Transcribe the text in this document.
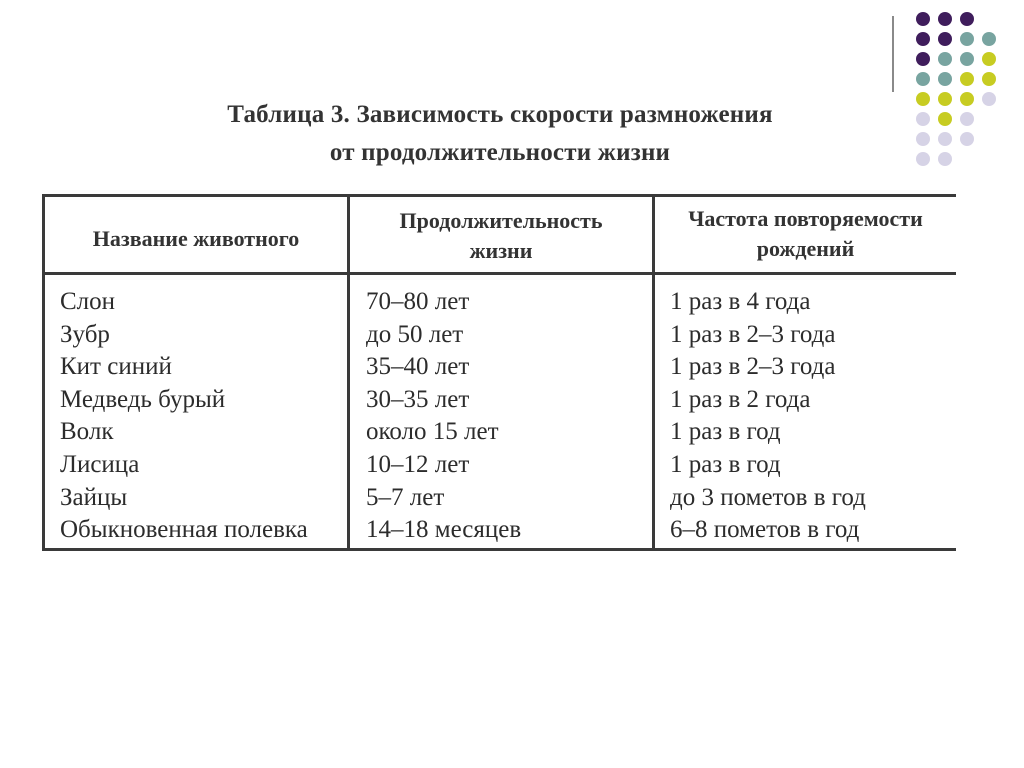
Таблица 3. Зависимость скорости размножения
от продолжительности жизни
Название животного
Продолжительность
жизни
Частота повторяемости
рождений
Слон
Зубр
Кит синий
Медведь бурый
Волк
Лисица
Зайцы
Обыкновенная полевка
70–80 лет
до 50 лет
35–40 лет
30–35 лет
около 15 лет
10–12 лет
5–7 лет
14–18 месяцев
1 раз в 4 года
1 раз в 2–3 года
1 раз в 2–3 года
1 раз в 2 года
1 раз в год
1 раз в год
до 3 пометов в год
6–8 пометов в год
